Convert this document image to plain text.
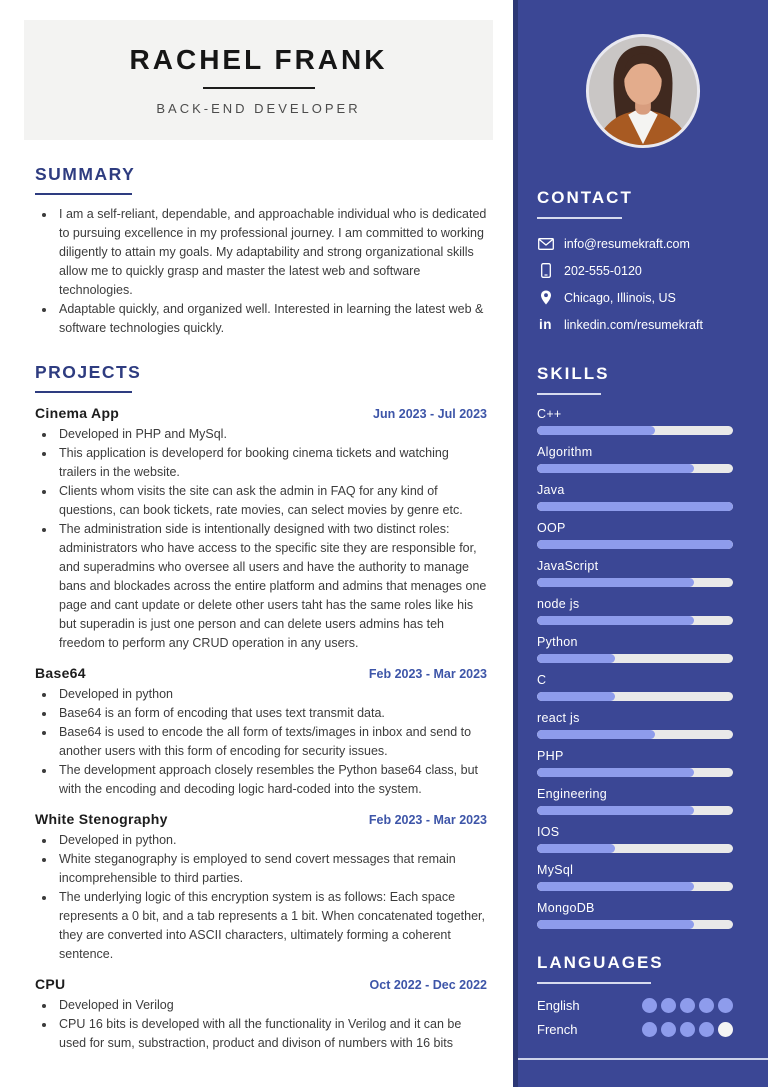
RACHEL FRANK
BACK-END DEVELOPER
SUMMARY
• I am a self-reliant, dependable, and approachable individual who is dedicated to pursuing excellence in my professional journey. I am committed to working diligently to attain my goals. My adaptability and strong organizational skills allow me to quickly grasp and master the latest web and software technologies.
• Adaptable quickly, and organized well. Interested in learning the latest web & software technologies quickly.
PROJECTS
Cinema App	Jun 2023 - Jul 2023
• Developed in PHP and MySql.
• This application is developerd for booking cinema tickets and watching trailers in the website.
• Clients whom visits the site can ask the admin in FAQ for any kind of questions, can book tickets, rate movies, can select movies by genre etc.
• The administration side is intentionally designed with two distinct roles: administrators who have access to the specific site they are responsible for, and superadmins who oversee all users and have the authority to manage bans and blockades across the entire platform and admins that menages one page and cant update or delete other users taht has the same roles like his but superadin is just one person and can delete users admins has teh freedom to perform any CRUD operation in any users.
Base64	Feb 2023 - Mar 2023
• Developed in python
• Base64 is an form of encoding that uses text transmit data.
• Base64 is used to encode the all form of texts/images in inbox and send to another users with this form of encoding for security issues.
• The development approach closely resembles the Python base64 class, but with the encoding and decoding logic hard-coded into the system.
White Stenography	Feb 2023 - Mar 2023
• Developed in python.
• White steganography is employed to send covert messages that remain incomprehensible to third parties.
• The underlying logic of this encryption system is as follows: Each space represents a 0 bit, and a tab represents a 1 bit. When concatenated together, they are converted into ASCII characters, ultimately forming a coherent sentence.
CPU	Oct 2022 - Dec 2022
• Developed in Verilog
• CPU 16 bits is developed with all the functionality in Verilog and it can be used for sum, substraction, product and divison of numbers with 16 bits
CONTACT
info@resumekraft.com
202-555-0120
Chicago, Illinois, US
in linkedin.com/resumekraft
SKILLS
C++
Algorithm
Java
OOP
JavaScript
node js
Python
C
react js
PHP
Engineering
IOS
MySql
MongoDB
LANGUAGES
English
French
